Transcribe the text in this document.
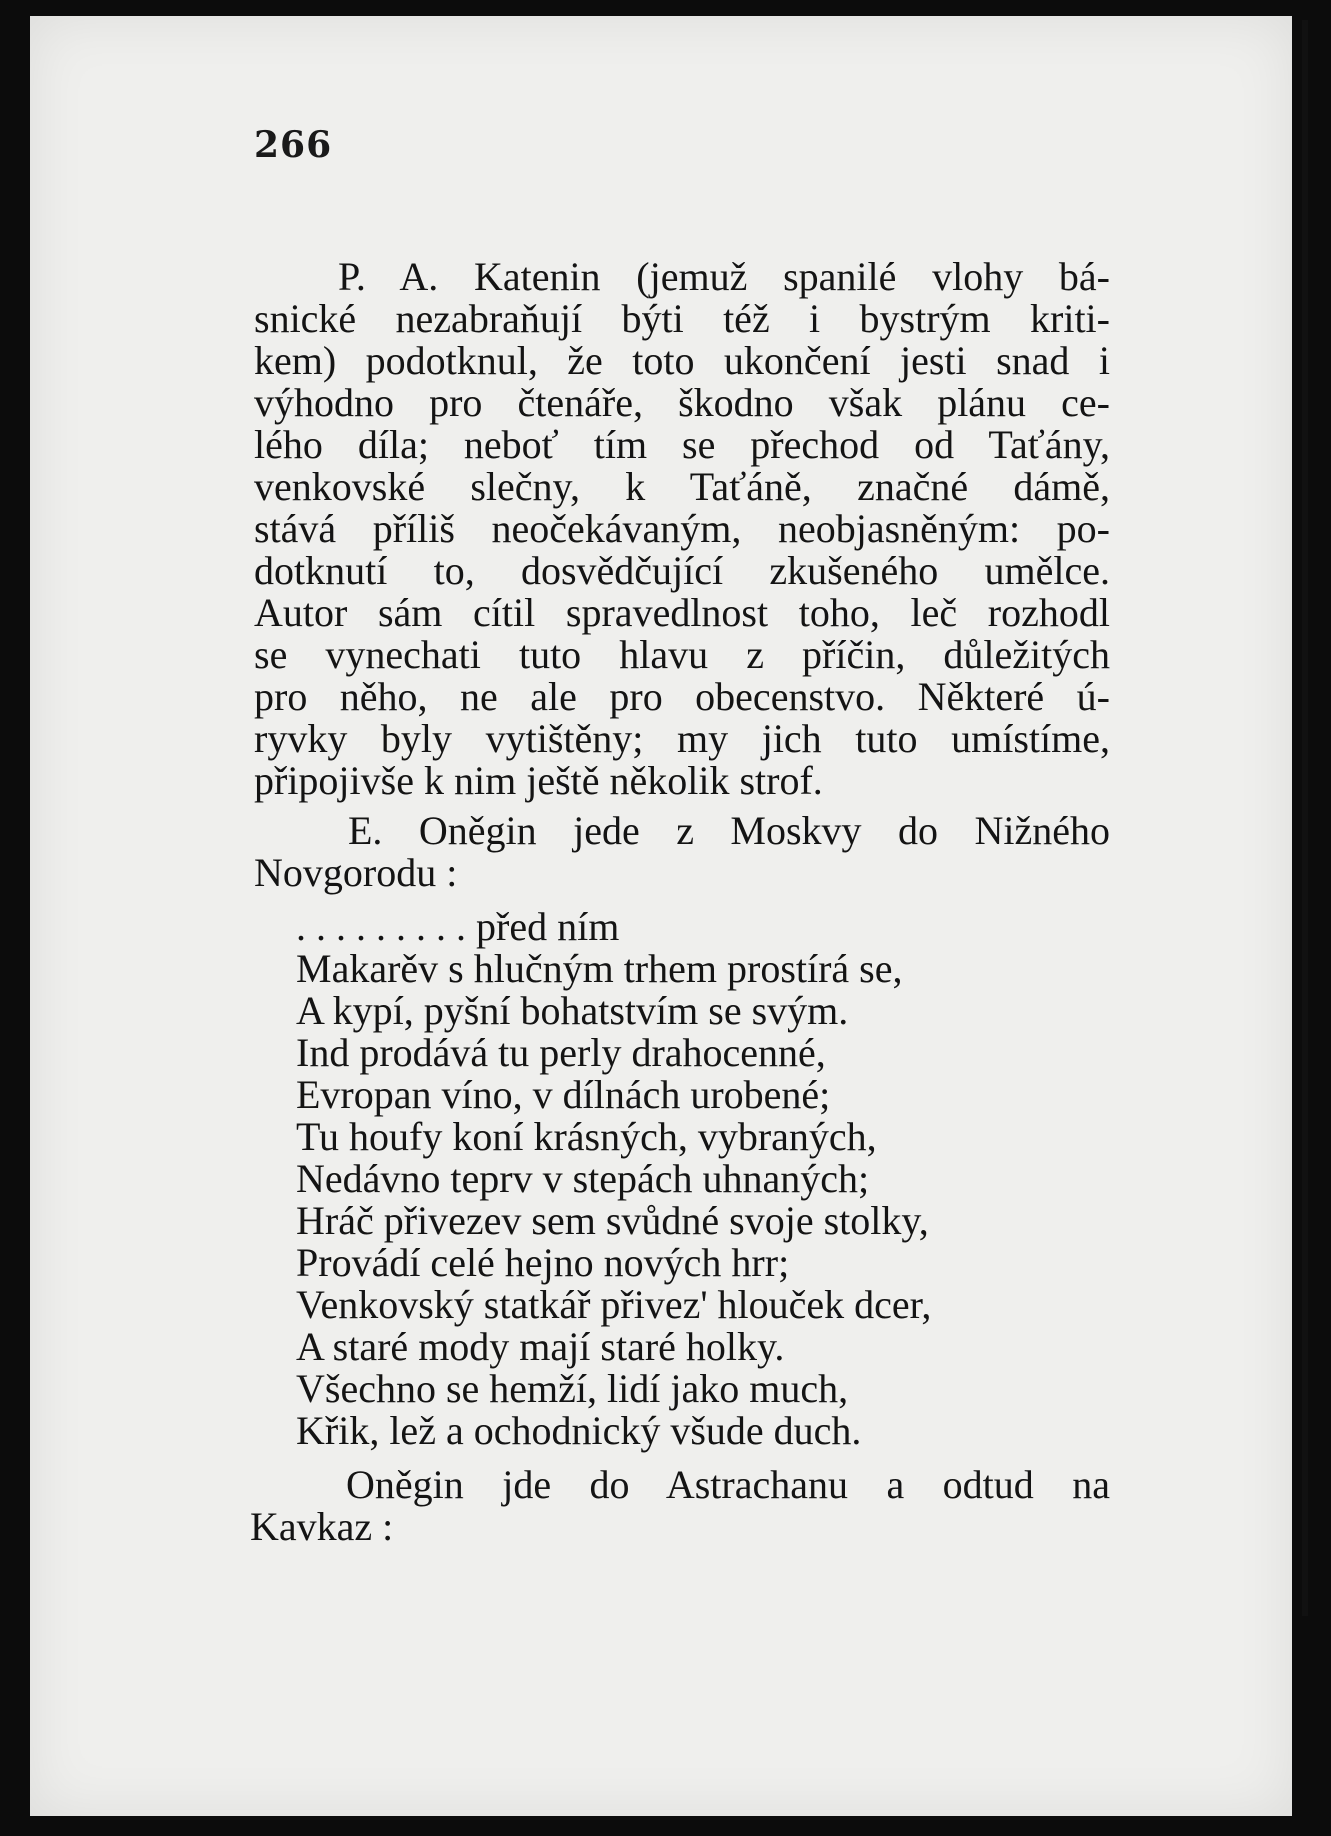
266
P. A. Katenin (jemuž spanilé vlohy bá-
snické nezabraňují býti též i bystrým kriti-
kem) podotknul, že toto ukončení jesti snad i
výhodno pro čtenáře, škodno však plánu ce-
lého díla; neboť tím se přechod od Taťány,
venkovské slečny, k Taťáně, značné dámě,
stává příliš neočekávaným, neobjasněným: po-
dotknutí to, dosvědčující zkušeného umělce.
Autor sám cítil spravedlnost toho, leč rozhodl
se vynechati tuto hlavu z příčin, důležitých
pro něho, ne ale pro obecenstvo. Některé ú-
ryvky byly vytištěny; my jich tuto umístíme,
připojivše k nim ještě několik strof.
E. Oněgin jede z Moskvy do Nižného
Novgorodu :
. . . . . . . . . před ním
Makarěv s hlučným trhem prostírá se,
A kypí, pyšní bohatstvím se svým.
Ind prodává tu perly drahocenné,
Evropan víno, v dílnách urobené;
Tu houfy koní krásných, vybraných,
Nedávno teprv v stepách uhnaných;
Hráč přivezev sem svůdné svoje stolky,
Provádí celé hejno nových hrr;
Venkovský statkář přivez' hlouček dcer,
A staré mody mají staré holky.
Všechno se hemží, lidí jako much,
Křik, lež a ochodnický všude duch.
Oněgin jde do Astrachanu a odtud na
Kavkaz :
